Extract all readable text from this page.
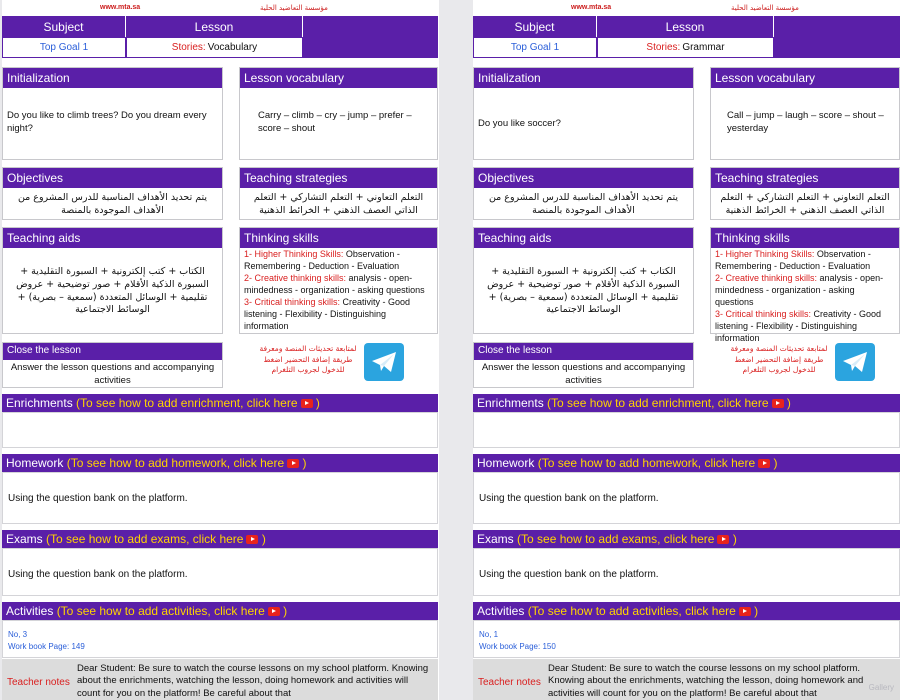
www.mta.sa	مؤسسة التعاضيد الحلية
Subject	Lesson
Top Goal 1	Stories: Vocabulary
Initialization
Do you like to climb trees? Do you dream every night?
Lesson vocabulary
Carry – climb – cry – jump – prefer – score – shout
Objectives
يتم تحديد الأهداف المناسبة للدرس المشروع من الأهداف الموجودة بالمنصة
Teaching strategies
التعلم التعاوني + التعلم التشاركي + التعلم الذاتي العصف الذهني + الخرائط الذهنية
Teaching aids
الكتاب + كتب إلكترونية + السبورة التقليدية + السبورة الذكية الأقلام + صور توضيحية + عروض تقليمية + الوسائل المتعددة (سمعية – بصرية) + الوسائط الاجتماعية
Thinking skills
1- Higher Thinking Skills: Observation - Remembering - Deduction - Evaluation
2- Creative thinking skills: analysis - open-mindedness - organization - asking questions
3- Critical thinking skills: Creativity - Good listening - Flexibility - Distinguishing information
Close the lesson
Answer the lesson questions and accompanying activities
لمتابعة تحديثات المنصة ومعرفة طريقة إضافة التحضير اضغط للدخول لجروب التلغرام
Enrichments (To see how to add enrichment, click here )
Homework (To see how to add homework, click here )
Using the question bank on the platform.
Exams (To see how to add exams, click here )
Using the question bank on the platform.
Activities (To see how to add activities, click here )
No, 3
Work book Page: 149
Teacher notes
Dear Student: Be sure to watch the course lessons on my school platform. Knowing about the enrichments, watching the lesson, doing homework and activities will count for you on the platform! Be careful about that
www.mta.sa	مؤسسة التعاضيد الحلية
Subject	Lesson
Top Goal 1	Stories: Grammar
Initialization
Do you like soccer?
Lesson vocabulary
Call – jump – laugh – score – shout – yesterday
Objectives
يتم تحديد الأهداف المناسبة للدرس المشروع من الأهداف الموجودة بالمنصة
Teaching strategies
التعلم التعاوني + التعلم التشاركي + التعلم الذاتي العصف الذهني + الخرائط الذهنية
Teaching aids
الكتاب + كتب إلكترونية + السبورة التقليدية + السبورة الذكية الأقلام + صور توضيحية + عروض تقليمية + الوسائل المتعددة (سمعية – بصرية) + الوسائط الاجتماعية
Thinking skills
1- Higher Thinking Skills: Observation - Remembering - Deduction - Evaluation
2- Creative thinking skills: analysis - open-mindedness - organization - asking questions
3- Critical thinking skills: Creativity - Good listening - Flexibility - Distinguishing information
Close the lesson
Answer the lesson questions and accompanying activities
لمتابعة تحديثات المنصة ومعرفة طريقة إضافة التحضير اضغط للدخول لجروب التلغرام
Enrichments (To see how to add enrichment, click here )
Homework (To see how to add homework, click here )
Using the question bank on the platform.
Exams (To see how to add exams, click here )
Using the question bank on the platform.
Activities (To see how to add activities, click here )
No, 1
Work book Page: 150
Teacher notes
Dear Student: Be sure to watch the course lessons on my school platform. Knowing about the enrichments, watching the lesson, doing homework and activities will count for you on the platform! Be careful about that
Gallery
